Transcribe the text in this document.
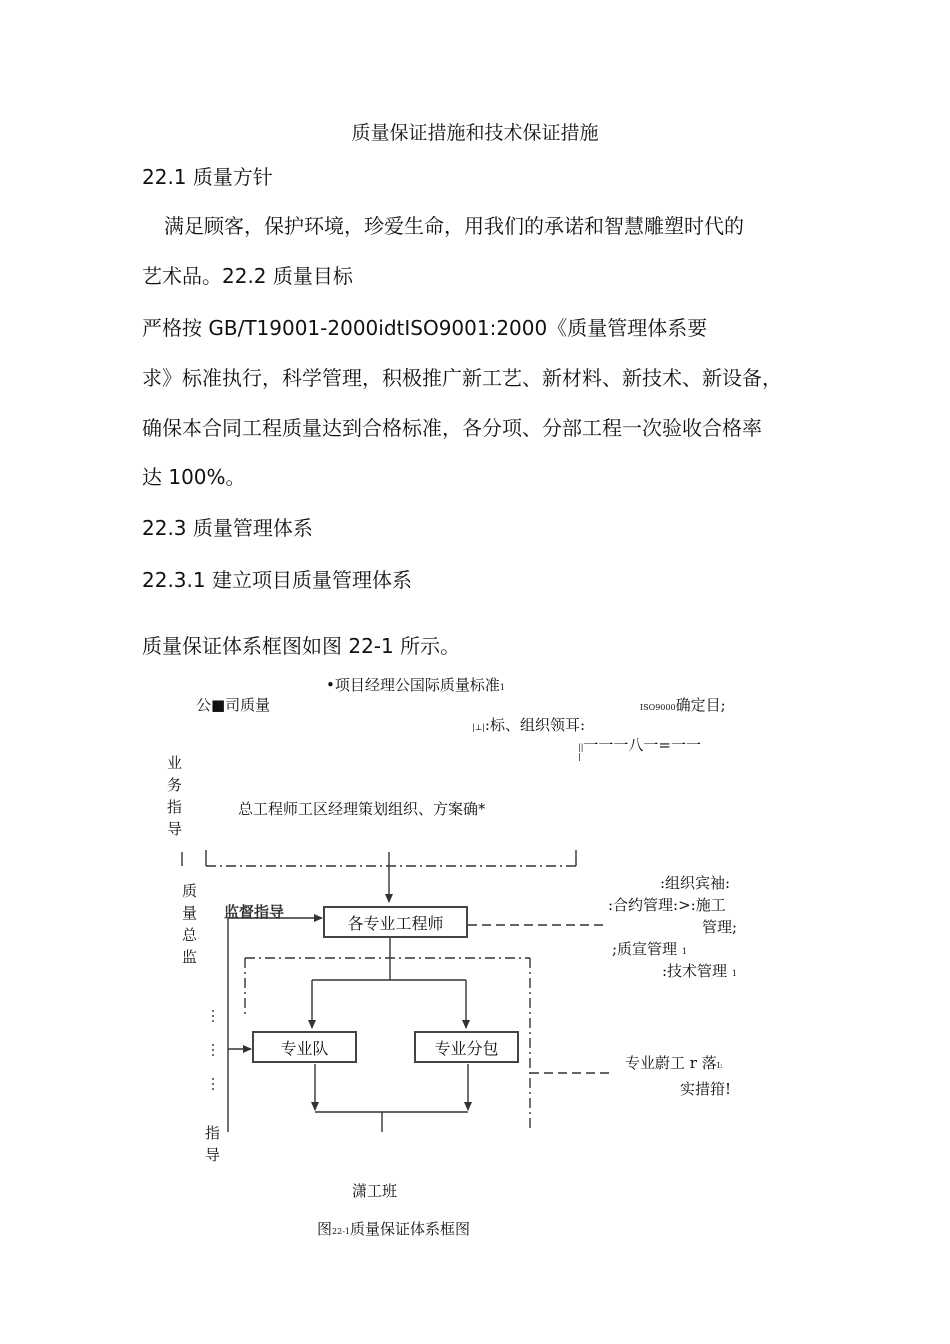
质量保证措施和技术保证措施
22.1 质量方针
满足顾客，保护环境，珍爱生命，用我们的承诺和智慧雕塑时代的
艺术品。22.2 质量目标
严格按 GB/T19001-2000idtISO9001:2000《质量管理体系要
求》标准执行，科学管理，积极推广新工艺、新材料、新技术、新设备，
确保本合同工程质量达到合格标准，各分项、分部工程一次验收合格率
达 100%。
22.3 质量管理体系
22.3.1 建立项目质量管理体系
质量保证体系框图如图 22-1 所示。
•项目经理公国际质量标准1
公■司质量	ISO9000确定目;
|⊥|:标、组织领耳:
||一一一八一=一一
|
业务指导
总工程师工区经理策划组织、方案确*
质量总监
监督指导
各专业工程师
:组织宾袖:
:合约管理:>:施工
管理;
;质宣管理 1
:技术管理 1
专业队	专业分包
专业蔚工 r 落I:
实措箝!
指导
潇工班
图22-1质量保证体系框图
